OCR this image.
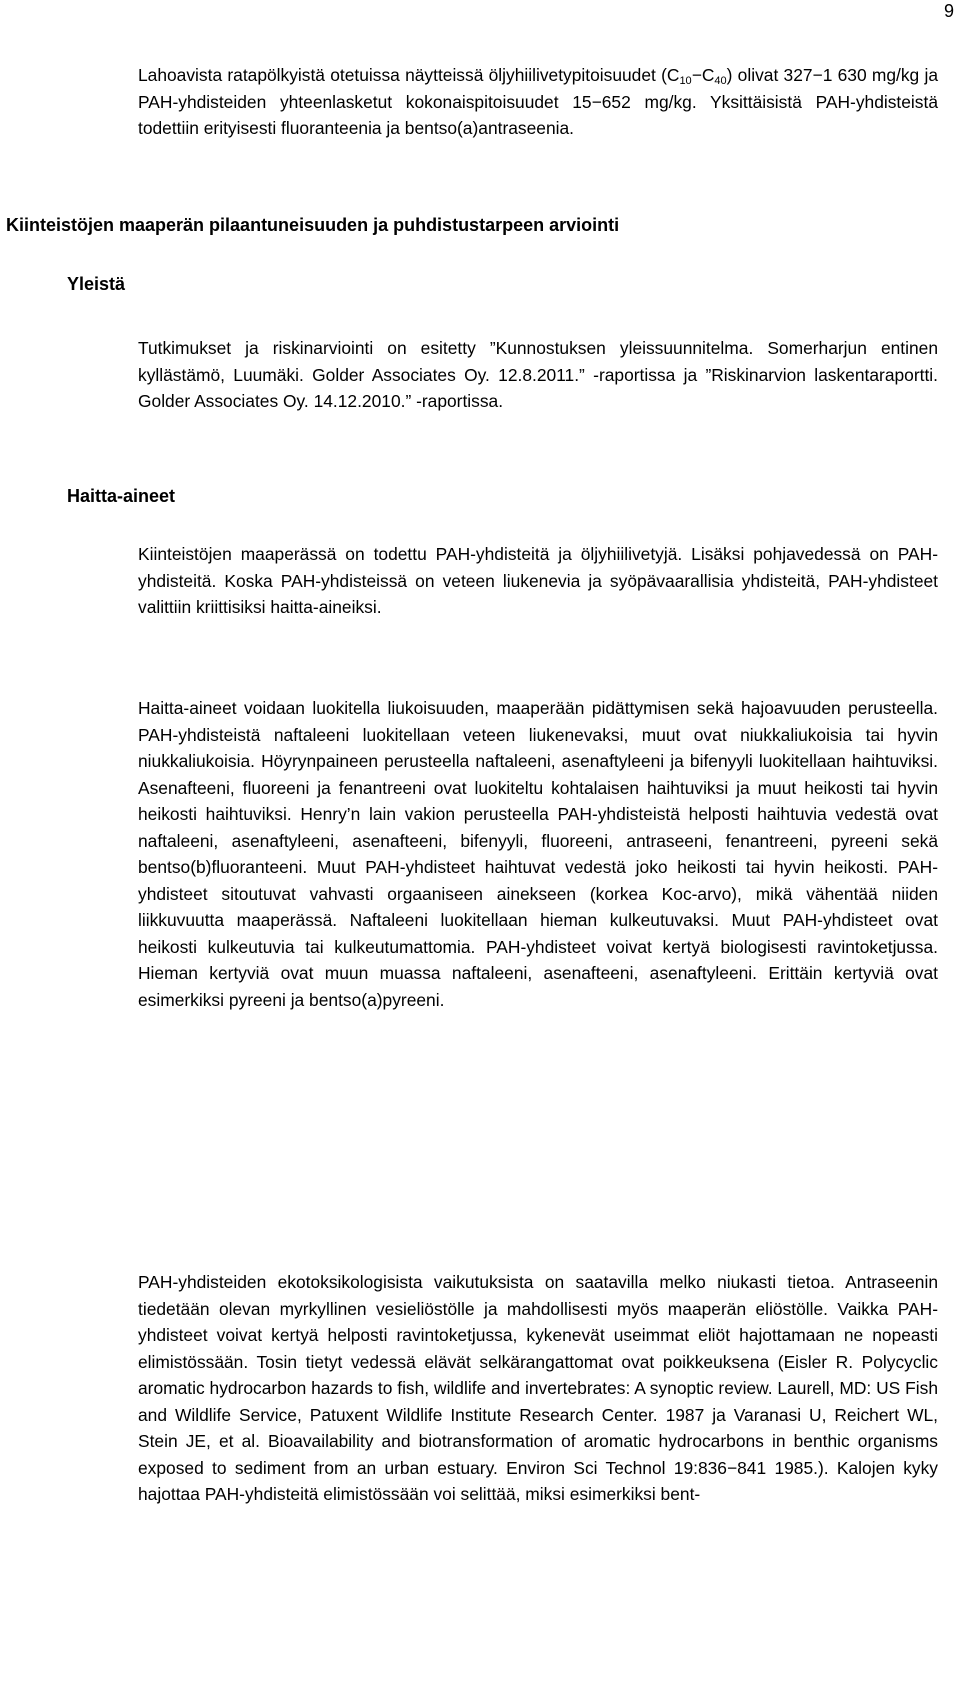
9

Lahoavista ratapölkyistä otetuissa näytteissä öljyhiilivetypitoisuudet $(C_{10}-C_{40})$ olivat 327−1 630 mg/kg ja PAH-yhdisteiden yhteenlasketut kokonaispitoisuudet 15−652 mg/kg. Yksittäisistä PAH-yhdisteistä todettiin erityisesti fluoranteenia ja bentso(a)antraseenia.

Kiinteistöjen maaperän pilaantuneisuuden ja puhdistustarpeen arviointi
Yleistä

Tutkimukset ja riskinarviointi on esitetty ”Kunnostuksen yleissuunnitelma. Somerharjun entinen kyllästämö, Luumäki. Golder Associates Oy. 12.8.2011.” -raportissa ja ”Riskinarvion laskentaraportti. Golder Associates Oy. 14.12.2010.” -raportissa.

Haitta-aineet

Kiinteistöjen maaperässä on todettu PAH-yhdisteitä ja öljyhiilivetyjä. Lisäksi pohjavedessä on PAH-yhdisteitä. Koska PAH-yhdisteissä on veteen liukenevia ja syöpävaarallisia yhdisteitä, PAH-yhdisteet valittiin kriittisiksi haitta-aineiksi.

Haitta-aineet voidaan luokitella liukoisuuden, maaperään pidättymisen sekä hajoavuuden perusteella. PAH-yhdisteistä naftaleeni luokitellaan veteen liukenevaksi, muut ovat niukkaliukoisia tai hyvin niukkaliukoisia. Höyrynpaineen perusteella naftaleeni, asenaftyleeni ja bifenyyli luokitellaan haihtuviksi. Asenafteeni, fluoreeni ja fenantreeni ovat luokiteltu kohtalaisen haihtuviksi ja muut heikosti tai hyvin heikosti haihtuviksi. Henry’n lain vakion perusteella PAH-yhdisteistä helposti haihtuvia vedestä ovat naftaleeni, asenaftyleeni, asenafteeni, bifenyyli, fluoreeni, antraseeni, fenantreeni, pyreeni sekä bentso(b)fluoranteeni. Muut PAH-yhdisteet haihtuvat vedestä joko heikosti tai hyvin heikosti. PAH-yhdisteet sitoutuvat vahvasti orgaaniseen ainekseen (korkea Koc-arvo), mikä vähentää niiden liikkuvuutta maaperässä. Naftaleeni luokitellaan hieman kulkeutuvaksi. Muut PAH-yhdisteet ovat heikosti kulkeutuvia tai kulkeutumattomia. PAH-yhdisteet voivat kertyä biologisesti ravintoketjussa. Hieman kertyviä ovat muun muassa naftaleeni, asenafteeni, asenaftyleeni. Erittäin kertyviä ovat esimerkiksi pyreeni ja bentso(a)pyreeni.

PAH-yhdisteiden ekotoksikologisista vaikutuksista on saatavilla melko niukasti tietoa. Antraseenin tiedetään olevan myrkyllinen vesieliöstölle ja mahdollisesti myös maaperän eliöstölle. Vaikka PAH-yhdisteet voivat kertyä helposti ravintoketjussa, kykenevät useimmat eliöt hajottamaan ne nopeasti elimistössään. Tosin tietyt vedessä elävät selkärangattomat ovat poikkeuksena (Eisler R. Polycyclic aromatic hydrocarbon hazards to fish, wildlife and invertebrates: A synoptic review. Laurell, MD: US Fish and Wildlife Service, Patuxent Wildlife Institute Research Center. 1987 ja Varanasi U, Reichert WL, Stein JE, et al. Bioavailability and biotransformation of aromatic hydrocarbons in benthic organisms exposed to sediment from an urban estuary. Environ Sci Technol 19:836−841 1985.). Kalojen kyky hajottaa PAH-yhdisteitä elimistössään voi selittää, miksi esimerkiksi bent-
